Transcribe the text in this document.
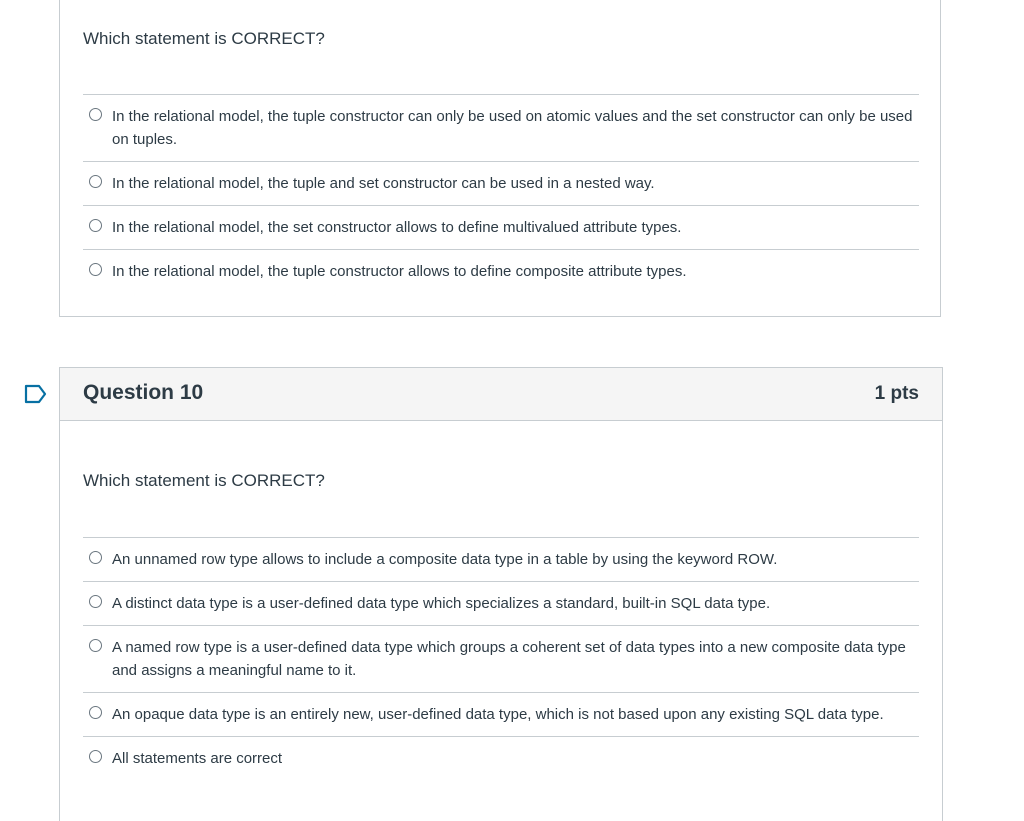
Which statement is CORRECT?
In the relational model, the tuple constructor can only be used on atomic values and the set constructor can only be used on tuples.
In the relational model, the tuple and set constructor can be used in a nested way.
In the relational model, the set constructor allows to define multivalued attribute types.
In the relational model, the tuple constructor allows to define composite attribute types.
Question 10	1 pts
Which statement is CORRECT?
An unnamed row type allows to include a composite data type in a table by using the keyword ROW.
A distinct data type is a user-defined data type which specializes a standard, built-in SQL data type.
A named row type is a user-defined data type which groups a coherent set of data types into a new composite data type and assigns a meaningful name to it.
An opaque data type is an entirely new, user-defined data type, which is not based upon any existing SQL data type.
All statements are correct
